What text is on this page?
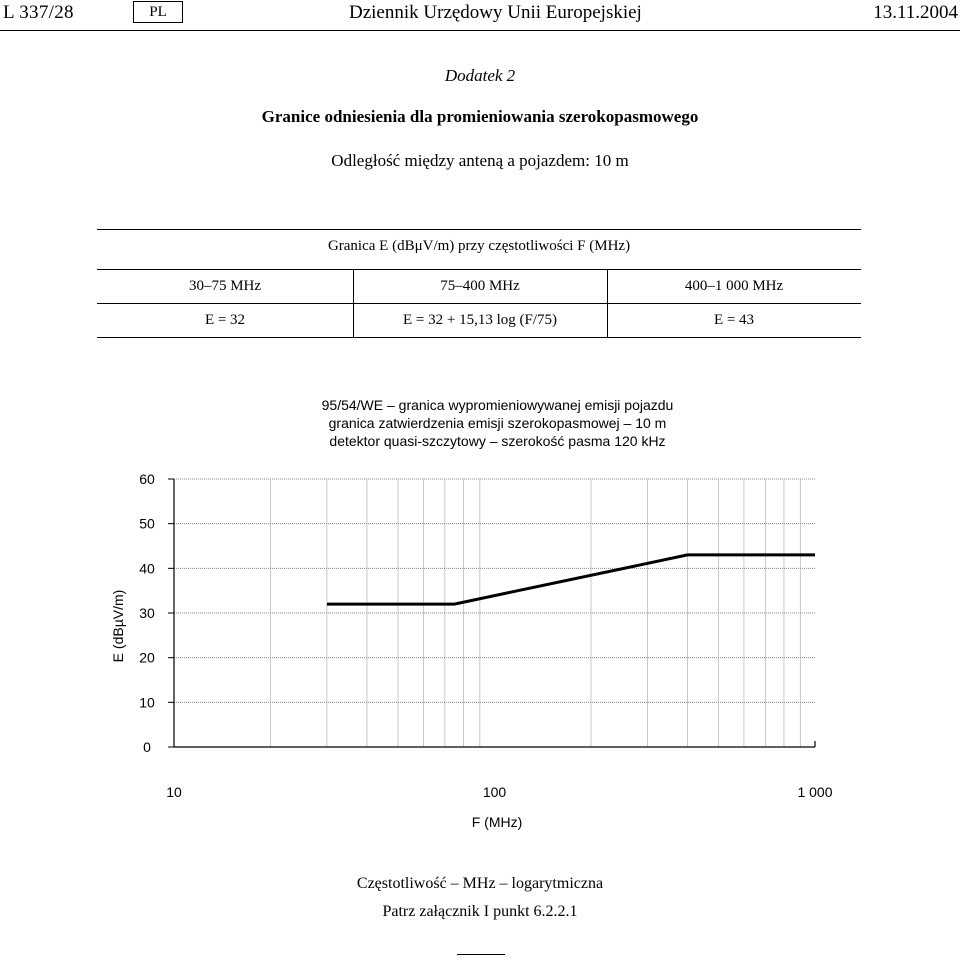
L 337/28	PL	Dziennik Urzędowy Unii Europejskiej	13.11.2004
Dodatek 2
Granice odniesienia dla promieniowania szerokopasmowego
Odległość między anteną a pojazdem: 10 m
Granica E (dBμV/m) przy częstotliwości F (MHz)
30–75 MHz	75–400 MHz	400–1 000 MHz
E = 32	E = 32 + 15,13 log (F/75)	E = 43
95/54/WE – granica wypromieniowywanej emisji pojazdu
granica zatwierdzenia emisji szerokopasmowej – 10 m
detektor quasi-szczytowy – szerokość pasma 120 kHz
0
10
20
30
40
50
60
10	100	1 000
F (MHz)
E (dBµV/m)
Częstotliwość – MHz – logarytmiczna
Patrz załącznik I punkt 6.2.2.1
